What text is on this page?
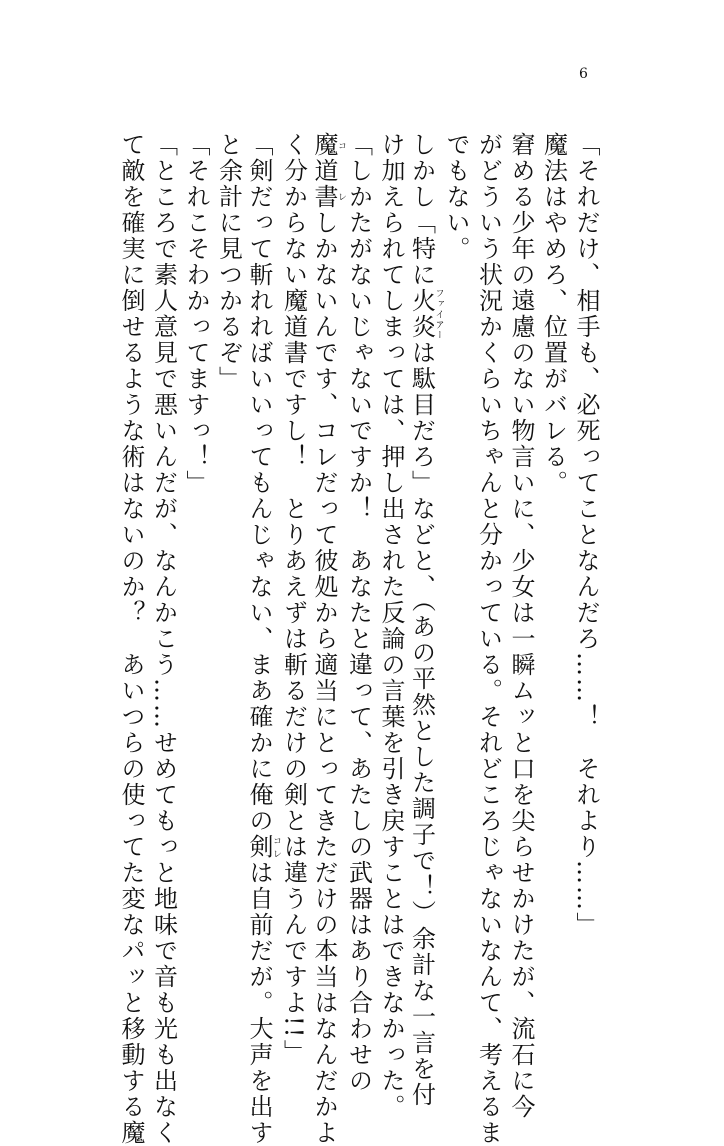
6
「それだけ、相手も、必死ってことなんだろ……！　それより……」
魔法はやめろ、位置がバレる。
窘める少年の遠慮のない物言いに、少女は一瞬ムッと口を尖らせかけたが、流石に今
がどういう状況かくらいちゃんと分かっている。それどころじゃないなんて、考えるま
でもない。
しかし「特に火炎ファイアーは駄目だろ」などと、（あの平然とした調子で！）余計な一言を付
け加えられてしまっては、押し出された反論の言葉を引き戻すことはできなかった。
「しかたがないじゃないですか！　あなたと違って、あたしの武器はあり合わせの
魔道書コレしかないんです、コレだって彼処から適当にとってきただけの本当はなんだかよ
く分からない魔道書ですし！　とりあえずは斬るだけの剣とは違うんですよ!!」
「剣だって斬れればいいってもんじゃない、まあ確かに俺の剣コレは自前だが。大声を出す
と余計に見つかるぞ」
「それこそわかってますっ！」
「ところで素人意見で悪いんだが、なんかこう……せめてもっと地味で音も光も出なく
て敵を確実に倒せるような術はないのか？　あいつらの使ってた変なパッと移動する魔
